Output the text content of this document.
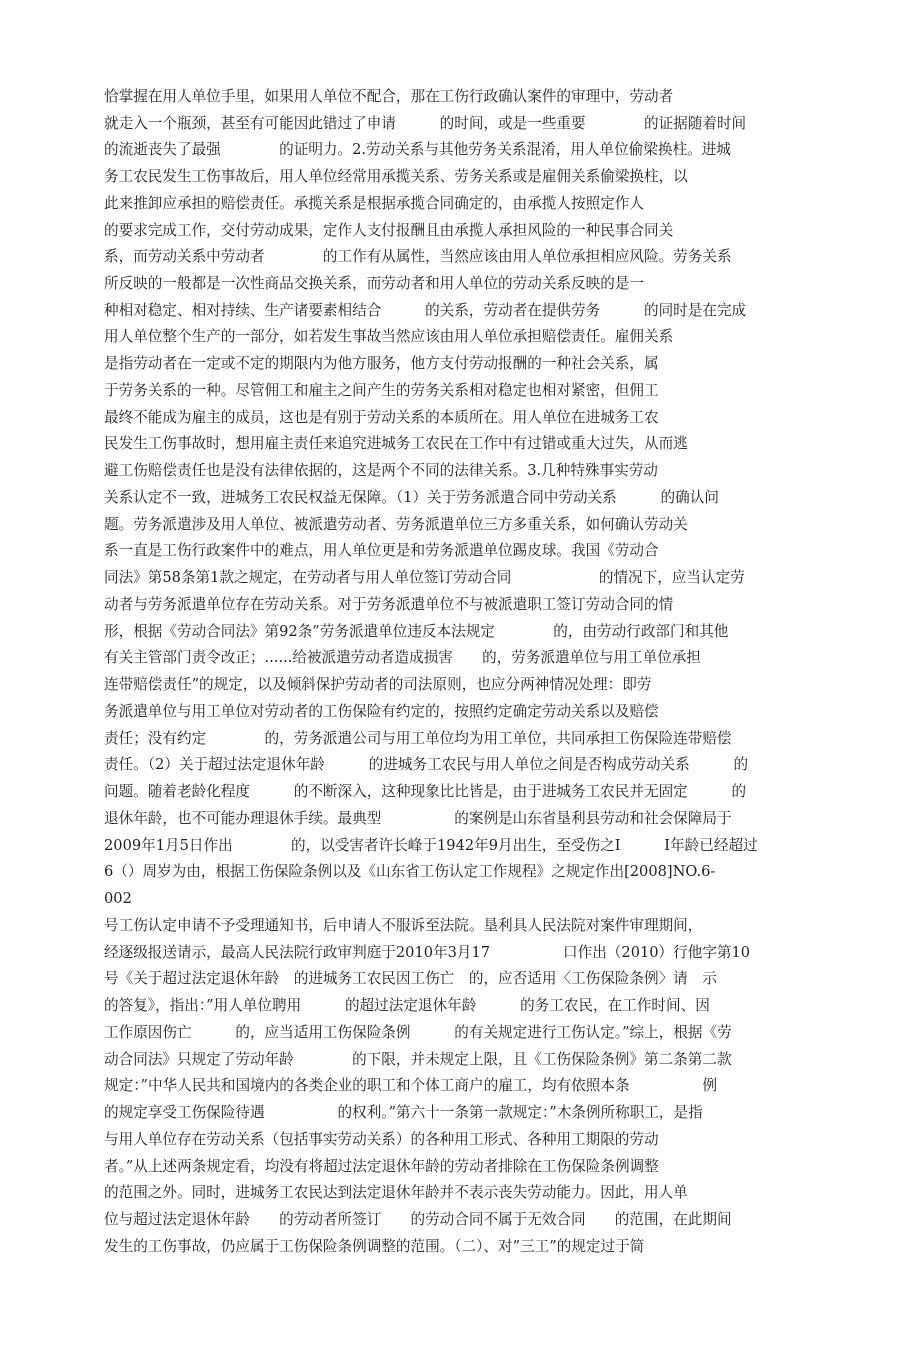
恰掌握在用人单位手里，如果用人单位不配合，那在工伤行政确认案件的审理中，劳动者
就走入一个瓶颈，甚至有可能因此错过了申请　　　的时间，或是一些重要　　　　的证据随着时间
的流逝丧失了最强　　　　的证明力。2.劳动关系与其他劳务关系混淆，用人单位偷梁换柱。进城
务工农民发生工伤事故后，用人单位经常用承揽关系、劳务关系或是雇佣关系偷梁换柱，以
此来推卸应承担的赔偿责任。承揽关系是根据承揽合同确定的，由承揽人按照定作人
的要求完成工作，交付劳动成果，定作人支付报酬且由承揽人承担风险的一种民事合同关
系，而劳动关系中劳动者　　　　的工作有从属性，当然应该由用人单位承担相应风险。劳务关系
所反映的一般都是一次性商品交换关系，而劳动者和用人单位的劳动关系反映的是一
种相对稳定、相对持续、生产诸要素相结合　　　的关系，劳动者在提供劳务　　　的同时是在完成
用人单位整个生产的一部分，如若发生事故当然应该由用人单位承担赔偿责任。雇佣关系
是指劳动者在一定或不定的期限内为他方服务，他方支付劳动报酬的一种社会关系，属
于劳务关系的一种。尽管佣工和雇主之间产生的劳务关系相对稳定也相对紧密，但佣工
最终不能成为雇主的成员，这也是有别于劳动关系的本质所在。用人单位在进城务工农
民发生工伤事故时，想用雇主责任来追究进城务工农民在工作中有过错或重大过失，从而逃
避工伤赔偿责任也是没有法律依据的，这是两个不同的法律关系。3.几种特殊事实劳动
关系认定不一致，进城务工农民权益无保障。（1）关于劳务派遣合同中劳动关系　　　的确认问
题。劳务派遣涉及用人单位、被派遣劳动者、劳务派遣单位三方多重关系，如何确认劳动关
系一直是工伤行政案件中的难点，用人单位更是和劳务派遣单位踢皮球。我国《劳动合
同法》第58条第1款之规定，在劳动者与用人单位签订劳动合同　　　　　　的情况下，应当认定劳
动者与劳务派遣单位存在劳动关系。对于劳务派遣单位不与被派遣职工签订劳动合同的情
形，根据《劳动合同法》第92条”劳务派遣单位违反本法规定　　　　的，由劳动行政部门和其他
有关主管部门责令改正；......给被派遣劳动者造成损害　　的，劳务派遣单位与用工单位承担
连带赔偿责任”的规定，以及倾斜保护劳动者的司法原则，也应分两神情况处理：即劳
务派遣单位与用工单位对劳动者的工伤保险有约定的，按照约定确定劳动关系以及赔偿
责任；没有约定　　　　的，劳务派遣公司与用工单位均为用工单位，共同承担工伤保险连带赔偿
责任。（2）关于超过法定退休年龄　　　的进城务工农民与用人单位之间是否构成劳动关系　　　的
问题。随着老龄化程度　　　的不断深入，这种现象比比皆是，由于进城务工农民并无固定　　　的
退休年龄，也不可能办理退休手续。最典型　　　　　的案例是山东省垦利县劳动和社会保障局于
2009年1月5日作出　　　　的，以受害者许长峰于1942年9月出生，至受伤之I　　　I年龄已经超过
6（）周岁为由，根据工伤保险条例以及《山东省工伤认定工作规程》之规定作出[2008]NO.6-
002
号工伤认定申请不予受理通知书，后申请人不服诉至法院。垦利具人民法院对案件审理期间，
经逐级报送请示，最高人民法院行政审判庭于2010年3月17　　　　　口作出（2010）行他字第10
号《关于超过法定退休年龄　的进城务工农民因工伤亡　的，应否适用〈工伤保险条例〉请　示
的答复》，指出：”用人单位聘用　　　的超过法定退休年龄　　　的务工农民，在工作时间、因
工作原因伤亡　　　的，应当适用工伤保险条例　　　的有关规定进行工伤认定。”综上，根据《劳
动合同法》只规定了劳动年龄　　　　的下限，并未规定上限，且《工伤保险条例》第二条第二款
规定：”中华人民共和国境内的各类企业的职工和个体工商户的雇工，均有依照本条　　　　　例
的规定享受工伤保险待遇　　　　　的权利。”第六十一条第一款规定：”木条例所称职工，是指
与用人单位存在劳动关系（包括事实劳动关系）的各种用工形式、各种用工期限的劳动
者。”从上述两条规定看，均没有将超过法定退休年龄的劳动者排除在工伤保险条例调整
的范围之外。同时，进城务工农民达到法定退休年龄并不表示丧失劳动能力。因此，用人单
位与超过法定退休年龄　　的劳动者所签订　　的劳动合同不属于无效合同　　的范围，在此期间
发生的工伤事故，仍应属于工伤保险条例调整的范围。（二）、对”三工”的规定过于简
